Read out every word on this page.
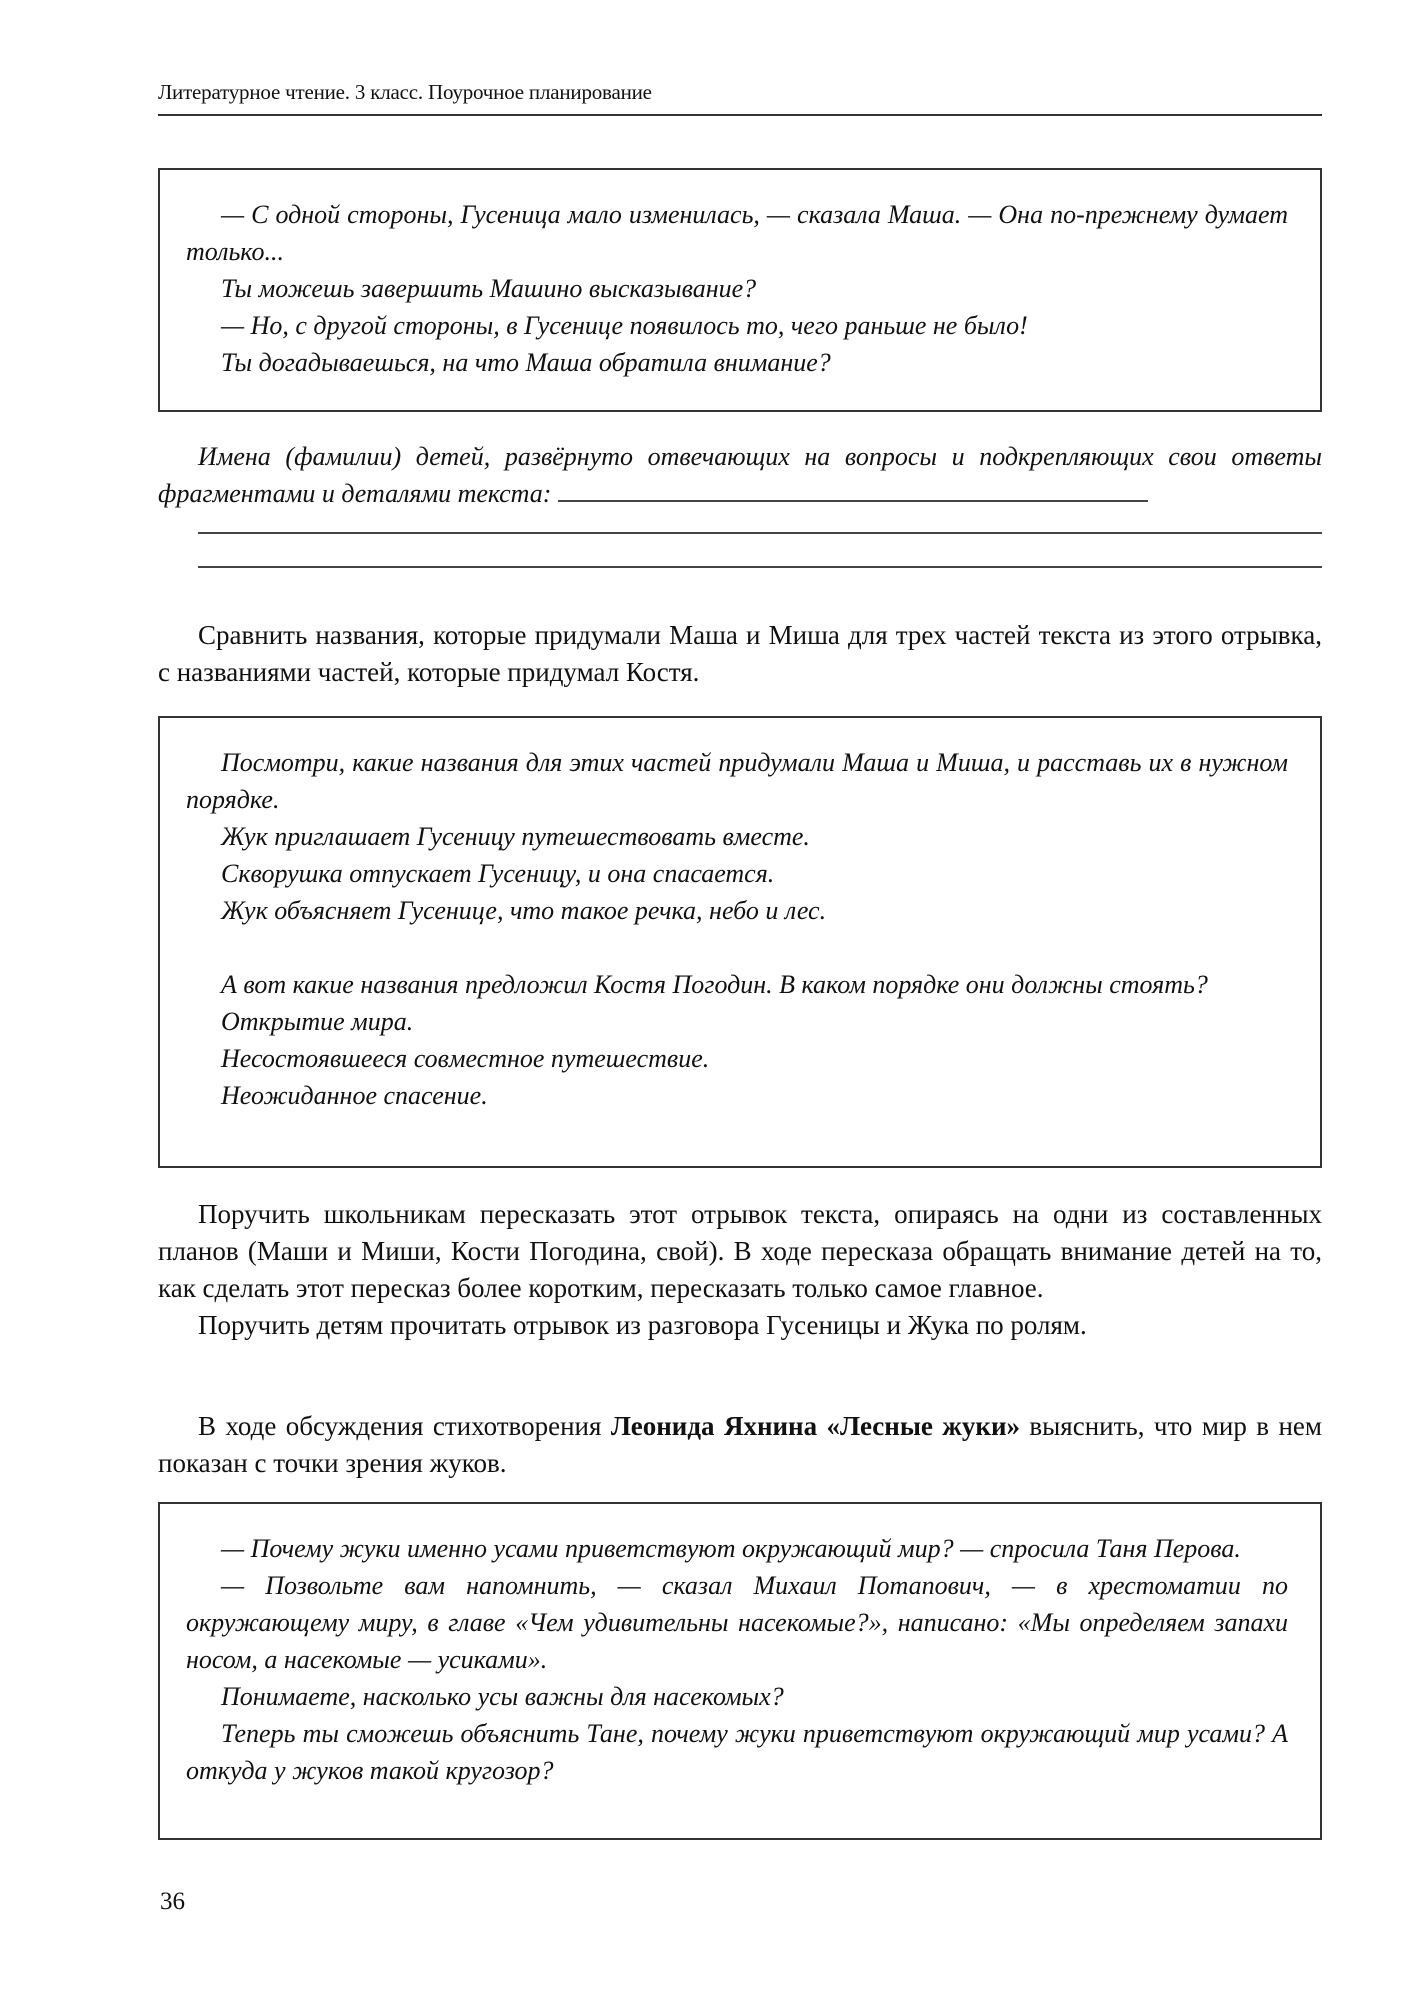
Литературное чтение. 3 класс. Поурочное планирование

— С одной стороны, Гусеница мало изменилась, — сказала Маша. — Она по-прежнему думает только...

Ты можешь завершить Машино высказывание?

— Но, с другой стороны, в Гусенице появилось то, чего раньше не было!

Ты догадываешься, на что Маша обратила внимание?

Имена (фамилии) детей, развёрнуто отвечающих на вопросы и подкрепляющих свои ответы фрагментами и деталями текста:

Сравнить названия, которые придумали Маша и Миша для трех частей текста из этого отрывка, с названиями частей, которые придумал Костя.

Посмотри, какие названия для этих частей придумали Маша и Миша, и расставь их в нужном порядке.

Жук приглашает Гусеницу путешествовать вместе.

Скворушка отпускает Гусеницу, и она спасается.

Жук объясняет Гусенице, что такое речка, небо и лес.

А вот какие названия предложил Костя Погодин. В каком порядке они должны стоять?

Открытие мира.

Несостоявшееся совместное путешествие.

Неожиданное спасение.

Поручить школьникам пересказать этот отрывок текста, опираясь на одни из составленных планов (Маши и Миши, Кости Погодина, свой). В ходе пересказа обращать внимание детей на то, как сделать этот пересказ более коротким, пересказать только самое главное.

Поручить детям прочитать отрывок из разговора Гусеницы и Жука по ролям.

В ходе обсуждения стихотворения Леонида Яхнина «Лесные жуки» выяснить, что мир в нем показан с точки зрения жуков.

— Почему жуки именно усами приветствуют окружающий мир? — спросила Таня Перова.

— Позвольте вам напомнить, — сказал Михаил Потапович, — в хрестоматии по окружающему миру, в главе «Чем удивительны насекомые?», написано: «Мы определяем запахи носом, а насекомые — усиками».

Понимаете, насколько усы важны для насекомых?

Теперь ты сможешь объяснить Тане, почему жуки приветствуют окружающий мир усами? А откуда у жуков такой кругозор?

36
